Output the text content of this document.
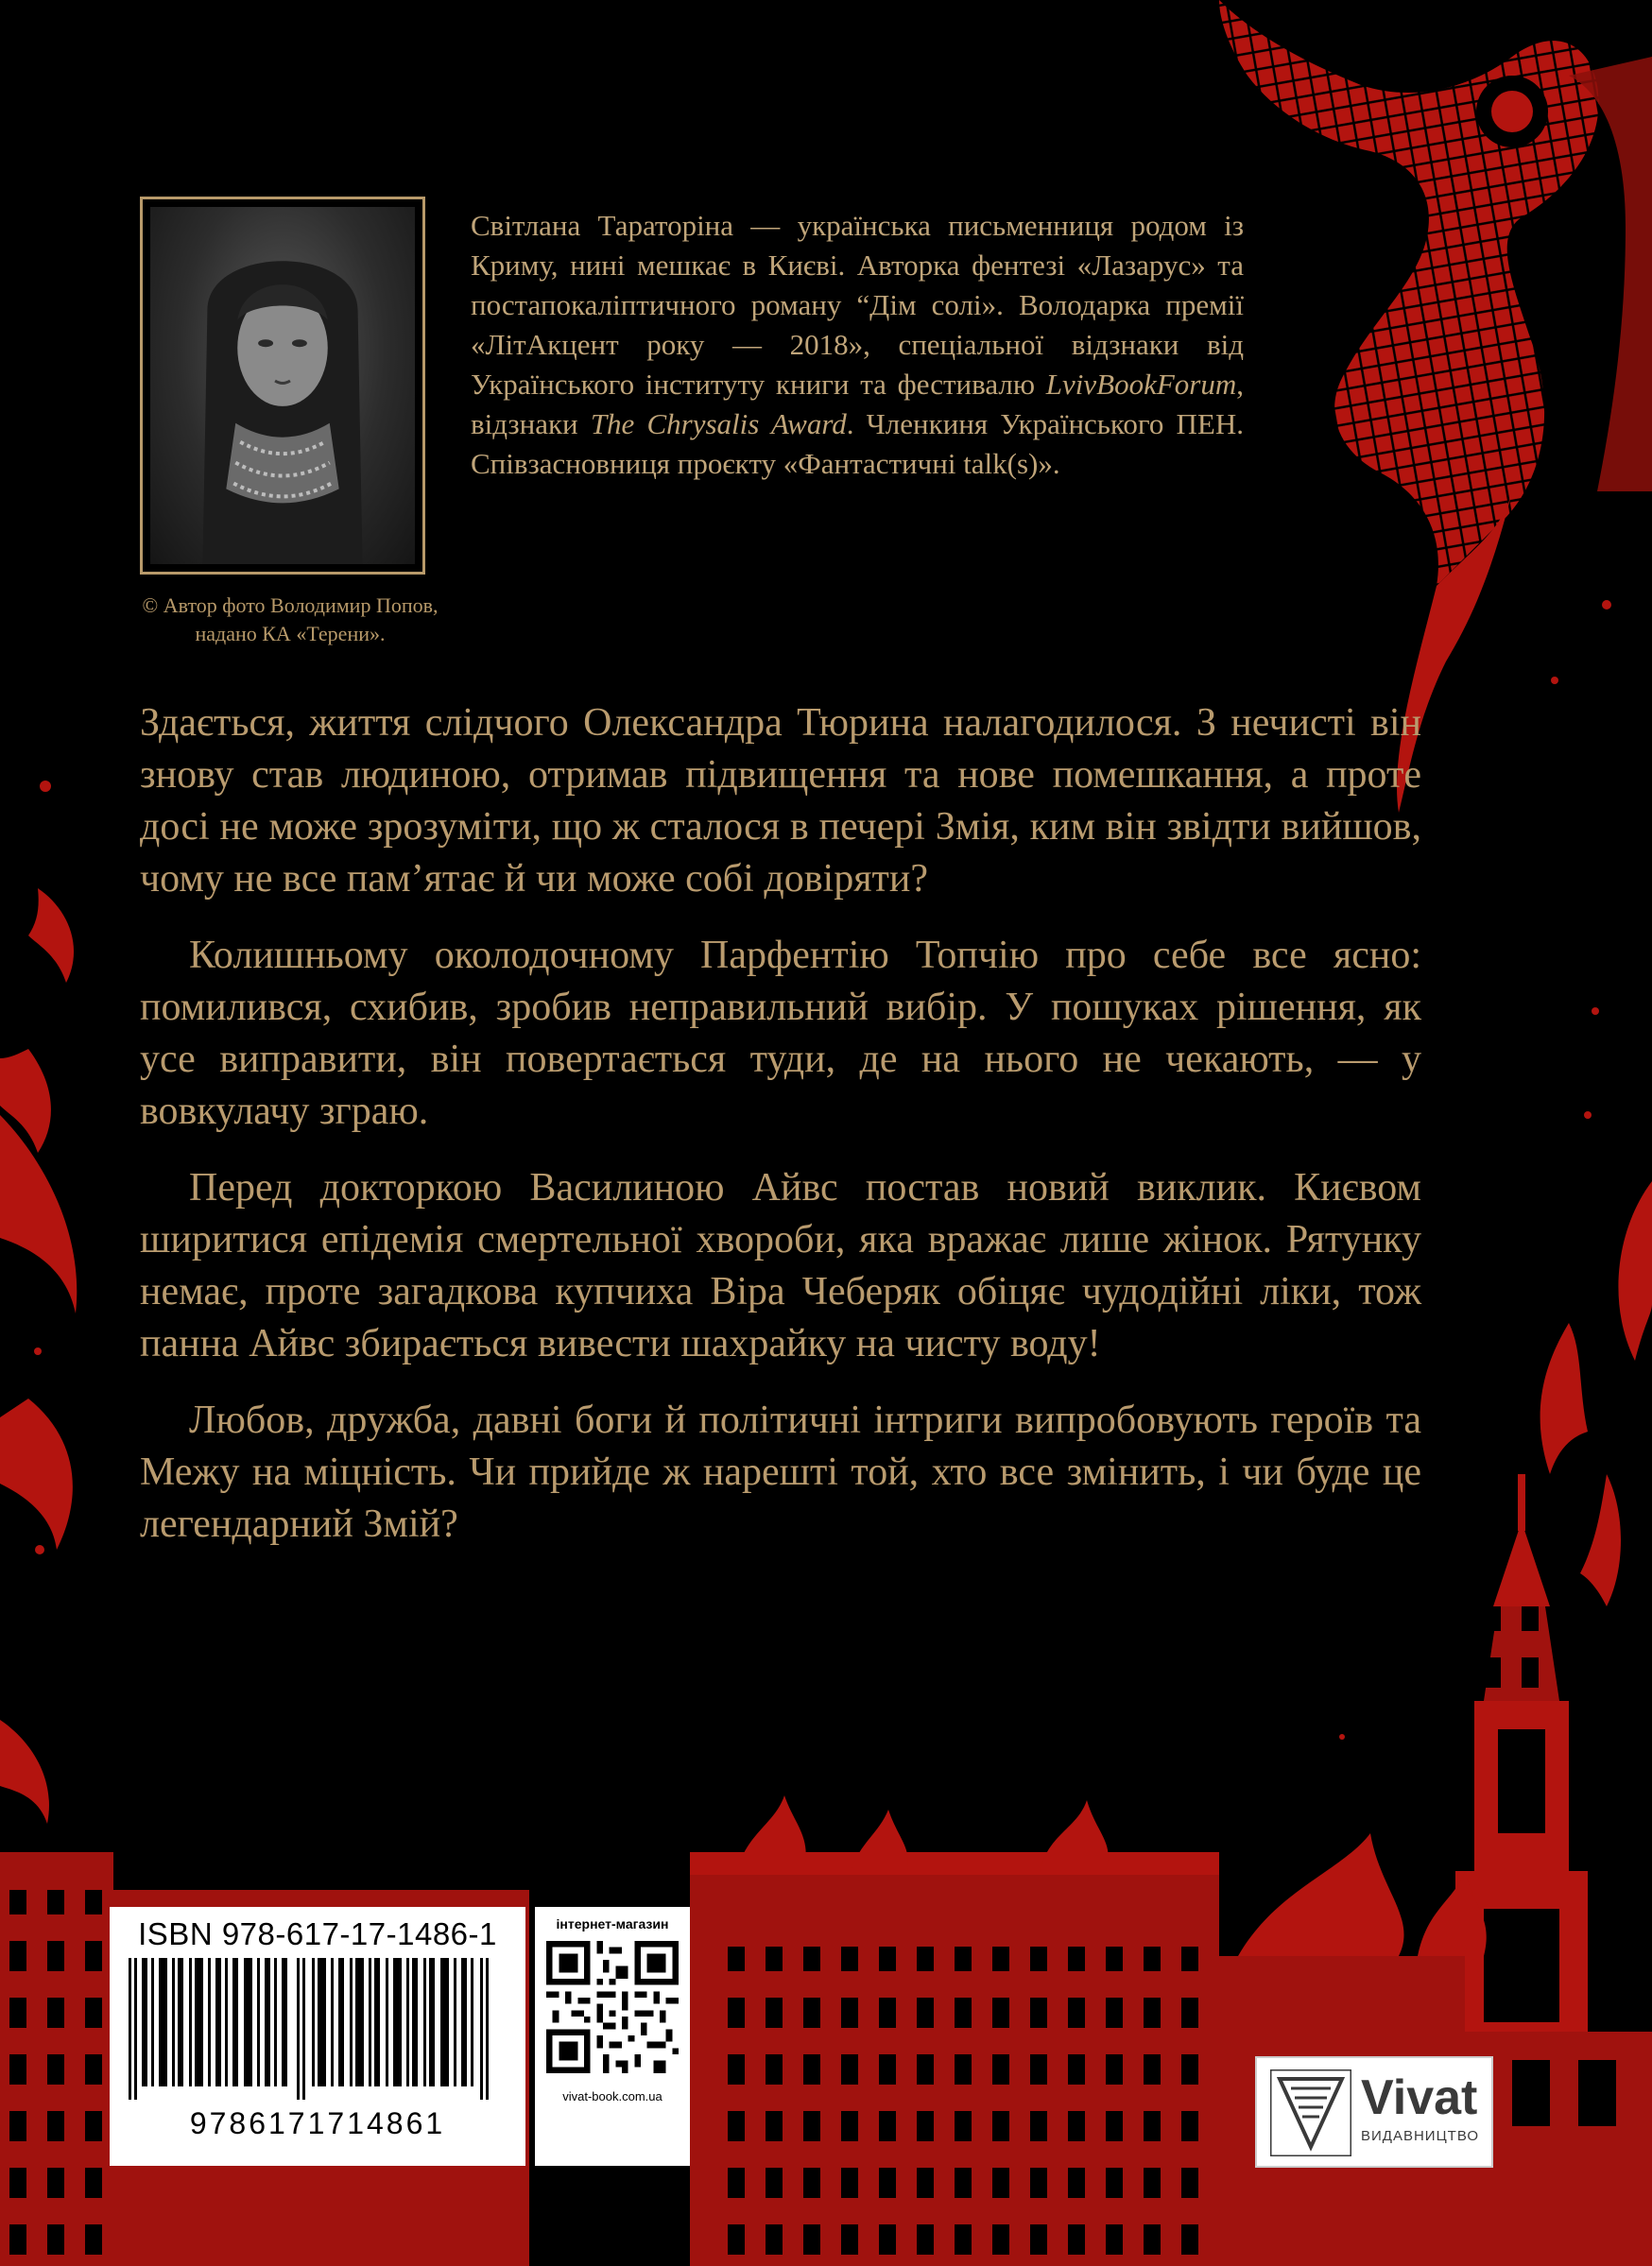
© Автор фото Володимир Попов, надано КА «Терени».

Світлана Тараторіна — українська письменниця родом із Криму, нині мешкає в Києві. Авторка фентезі «Лазарус» та постапокаліптичного роману “Дім солі». Володарка премії «ЛітАкцент року — 2018», спеціальної відзнаки від Українського інституту книги та фестивалю LvivBookForum, відзнаки The Chrysalis Award. Членкиня Українського ПЕН. Співзасновниця проєкту «Фантастичні talk(s)».

Здається, життя слідчого Олександра Тюрина налагодилося. З нечисті він знову став людиною, отримав підвищення та нове помешкання, а проте досі не може зрозуміти, що ж сталося в печері Змія, ким він звідти вийшов, чому не все пам’ятає й чи може собі довіряти?

Колишньому околодочному Парфентію Топчію про себе все ясно: помилився, схибив, зробив неправильний вибір. У пошуках рішення, як усе виправити, він повертається туди, де на нього не чекають, — у вовкулачу зграю.

Перед докторкою Василиною Айвс постав новий виклик. Києвом ширитися епідемія смертельної хвороби, яка вражає лише жінок. Рятунку немає, проте загадкова купчиха Віра Чеберяк обіцяє чудодійні ліки, тож панна Айвс збирається вивести шахрайку на чисту воду!

Любов, дружба, давні боги й політичні інтриги випробовують героїв та Межу на міцність. Чи прийде ж нарешті той, хто все змінить, і чи буде це легендарний Змій?

ISBN 978-617-17-1486-1
9786171714861
інтернет-магазин
vivat-book.com.ua	Vivat
ВИДАВНИЦТВО
